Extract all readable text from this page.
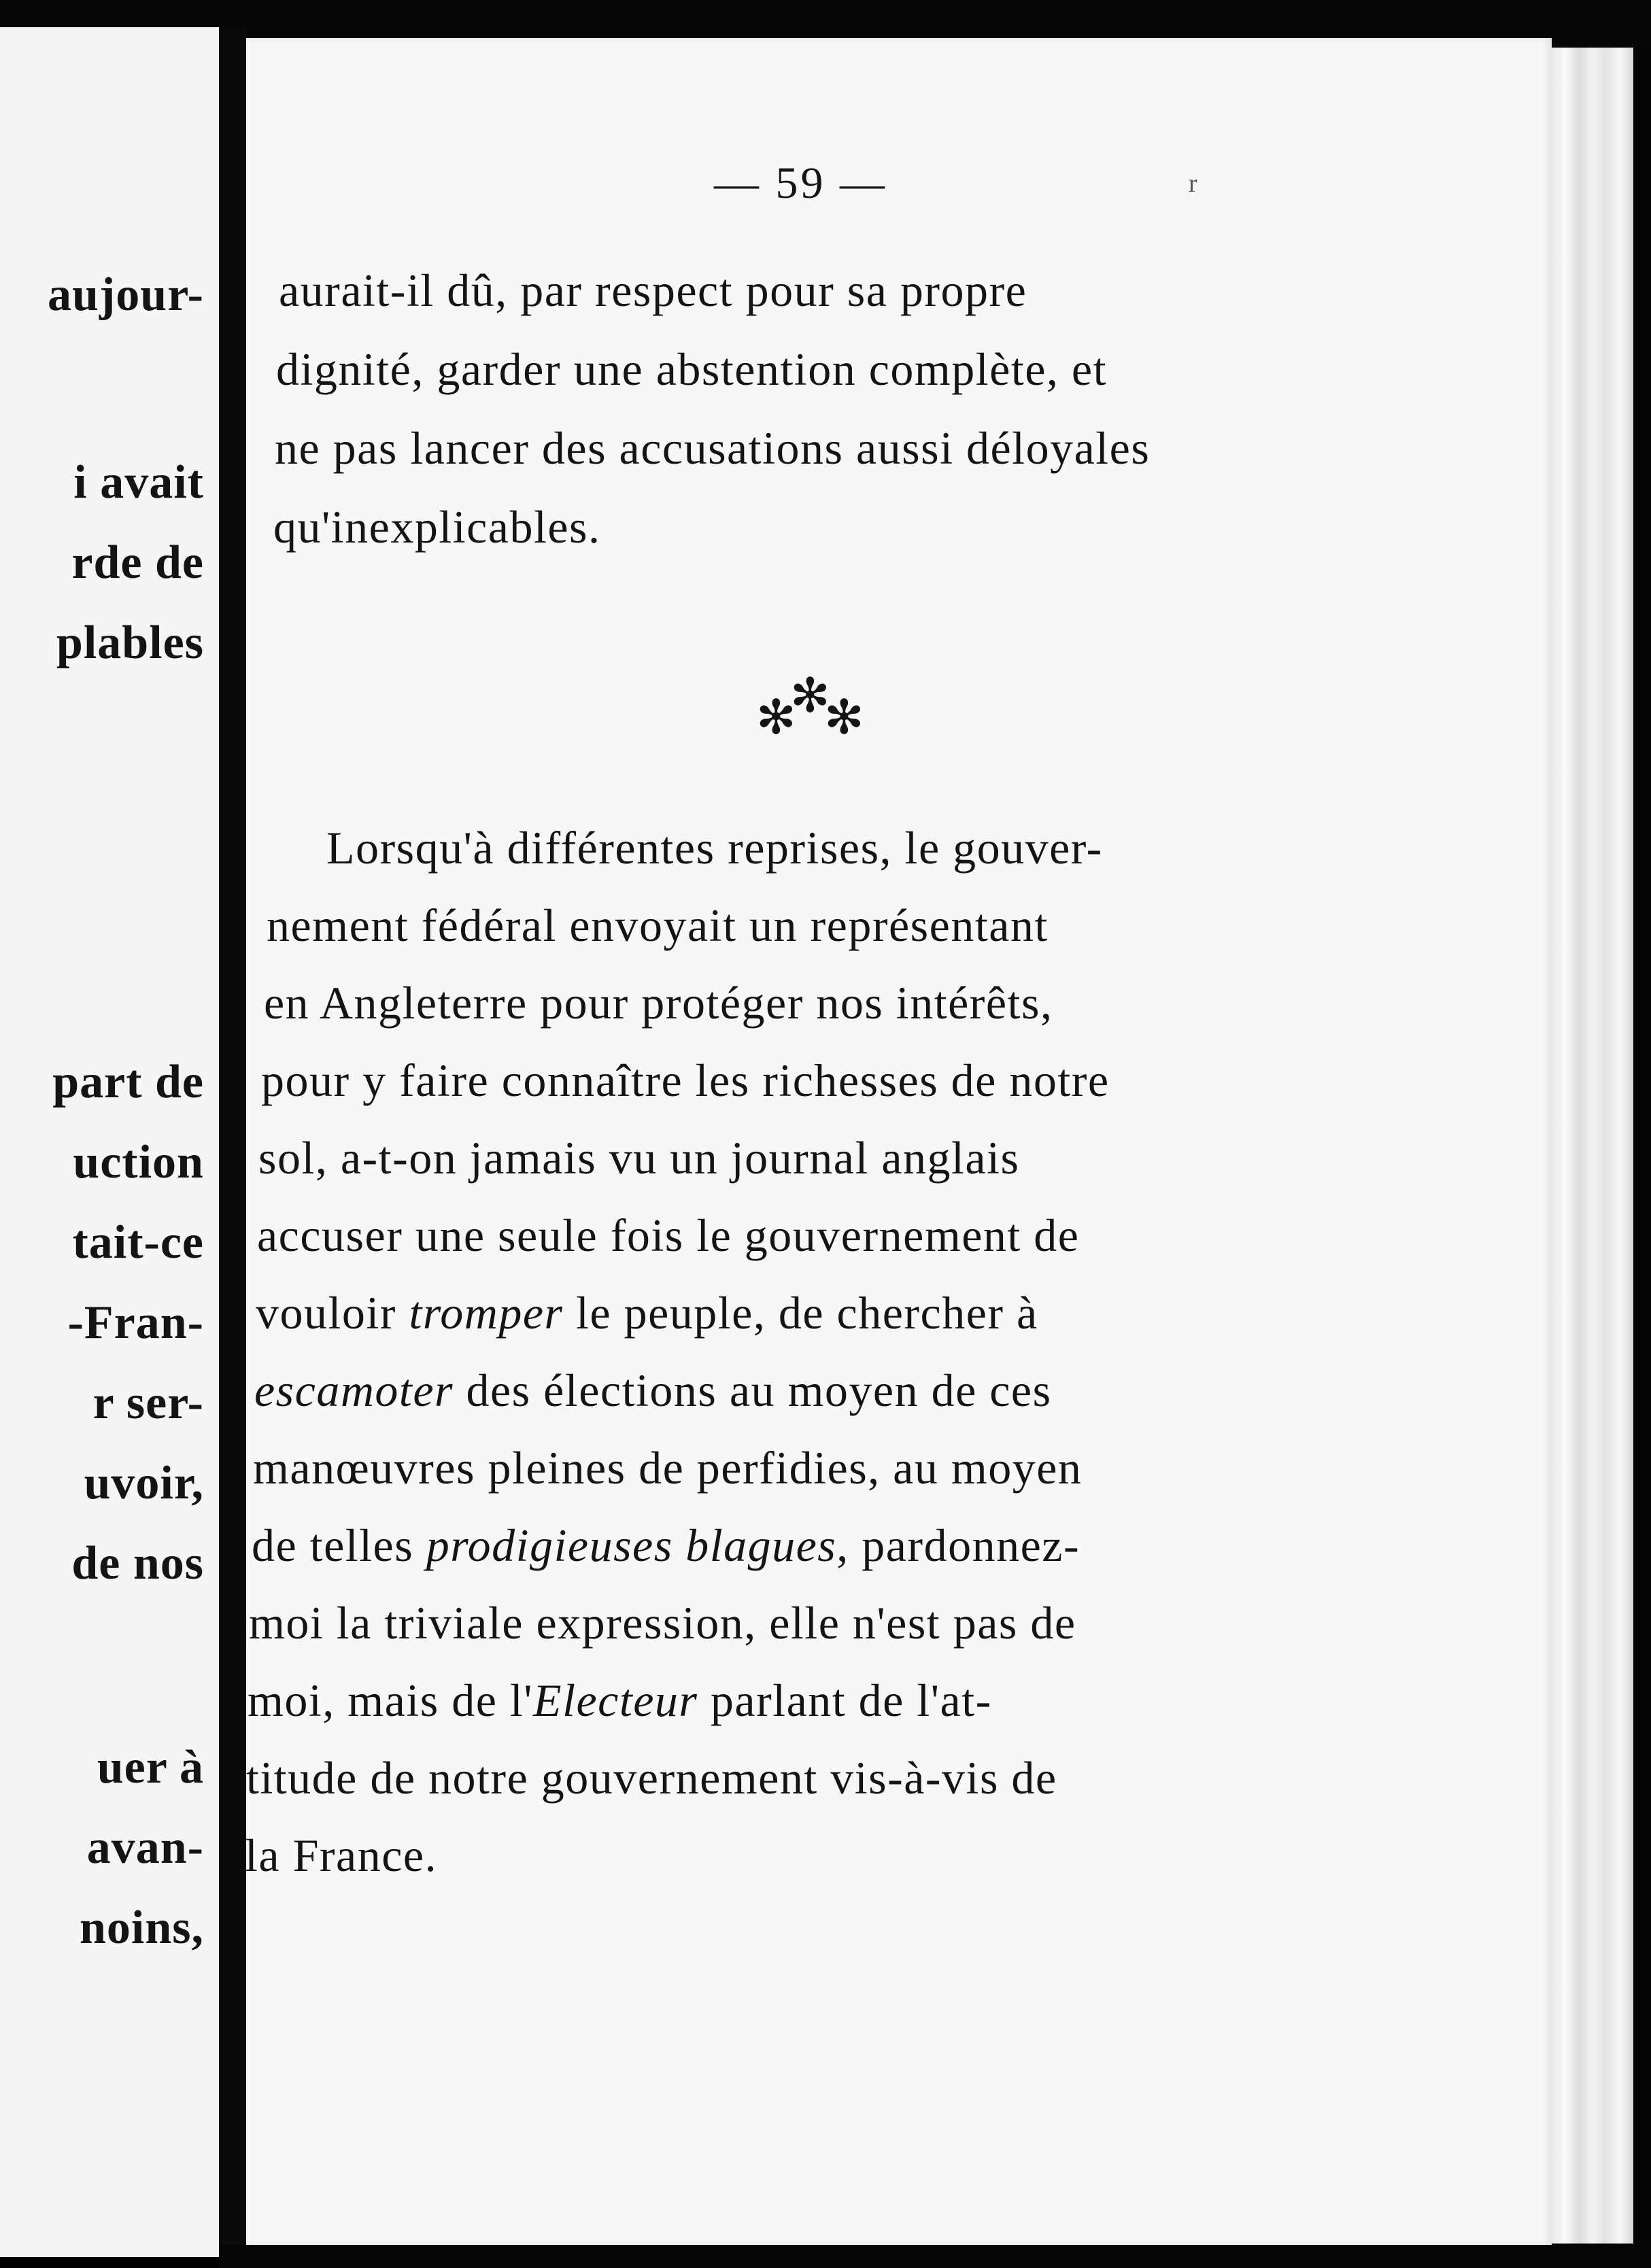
aujour-
i avait
rde de
plables
part de
uction
tait-ce
-Fran-
r ser-
uvoir,
de nos
uer à
avan-
noins,
— 59 —	r
aurait-il dû, par respect pour sa propre
dignité, garder une abstention complète, et
ne pas lancer des accusations aussi déloyales
qu'inexplicables.
✻
✻
✻
Lorsqu'à différentes reprises, le gouver-
nement fédéral envoyait un représentant
en Angleterre pour protéger nos intérêts,
pour y faire connaître les richesses de notre
sol, a-t-on jamais vu un journal anglais
accuser une seule fois le gouvernement de
vouloir tromper le peuple, de chercher à
escamoter des élections au moyen de ces
manœuvres pleines de perfidies, au moyen
de telles prodigieuses blagues, pardonnez-
moi la triviale expression, elle n'est pas de
moi, mais de l'Electeur parlant de l'at-
titude de notre gouvernement vis-à-vis de
la France.
